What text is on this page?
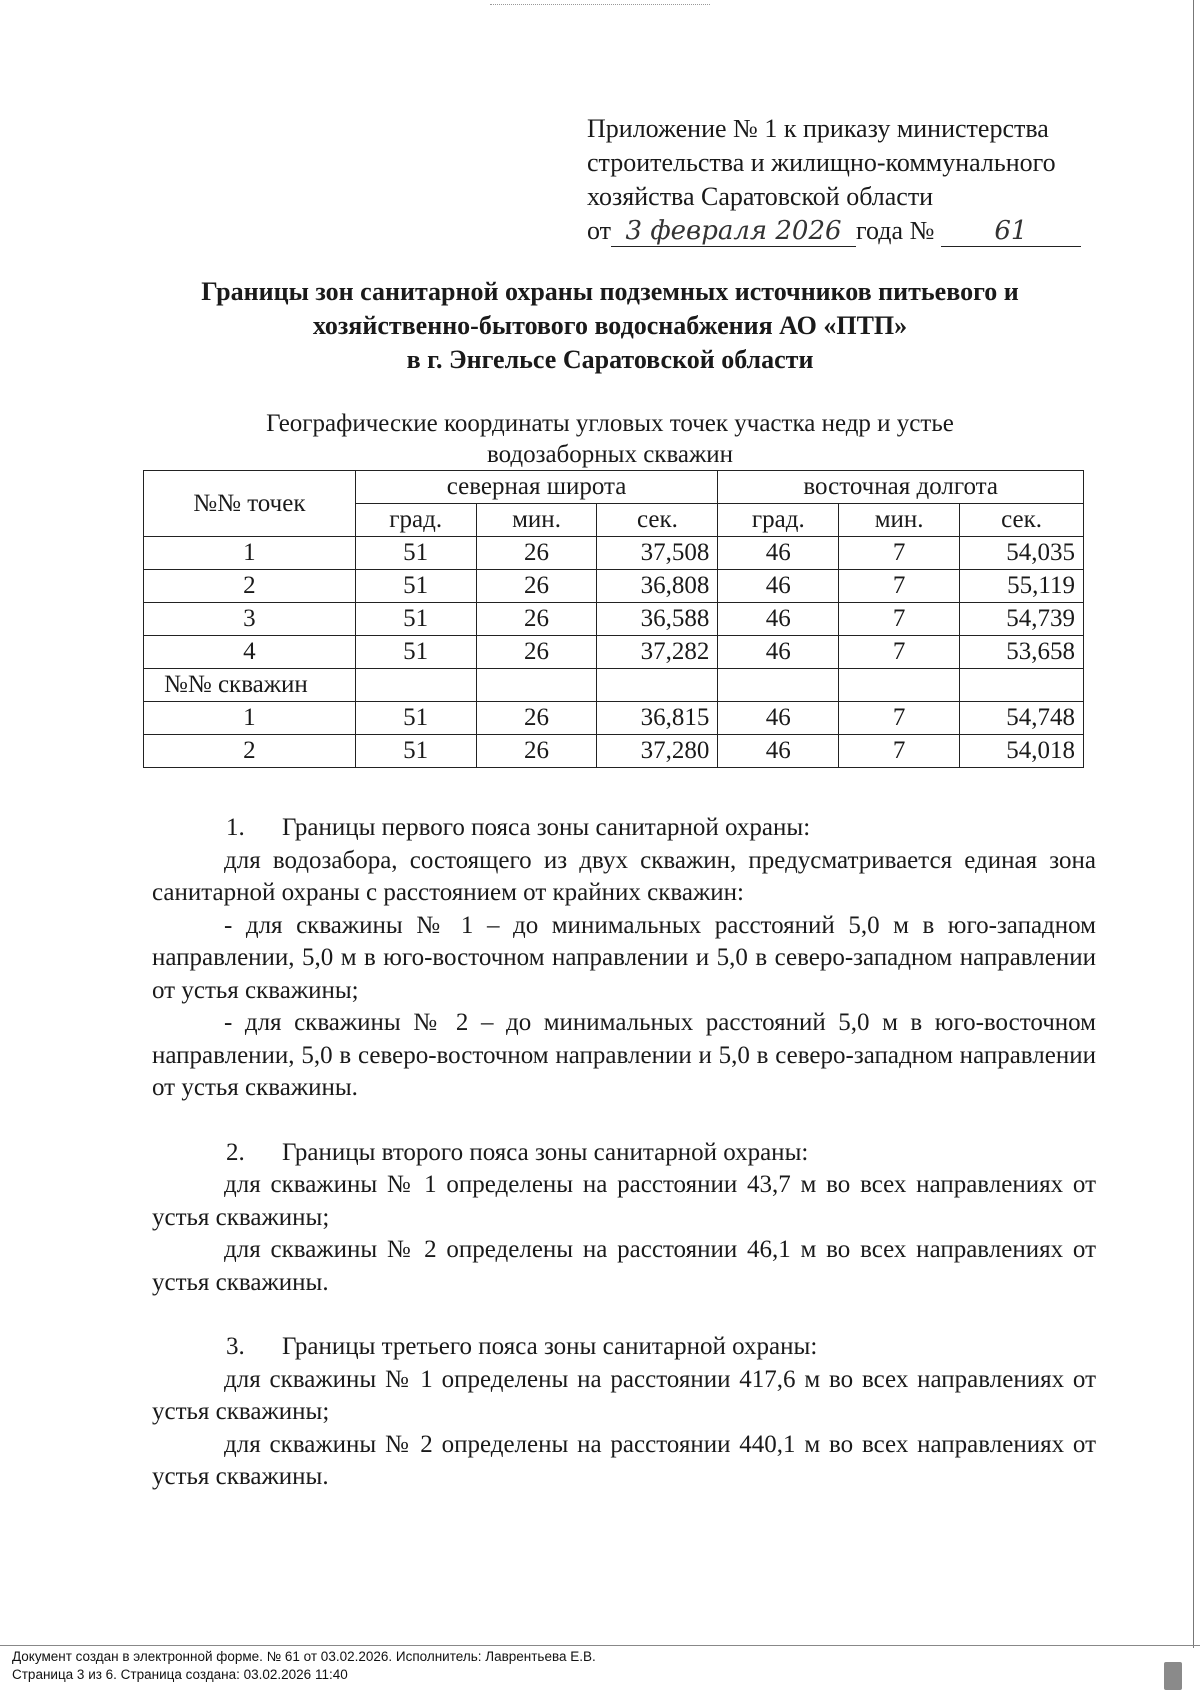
Приложение № 1 к приказу министерства
строительства и жилищно-коммунального
хозяйства Саратовской области
от 3 февраля 2026 года № 61
Границы зон санитарной охраны подземных источников питьевого и
хозяйственно-бытового водоснабжения АО «ПТП»
в г. Энгельсе Саратовской области
Географические координаты угловых точек участка недр и устье водозаборных скважин
№№ точек	северная широта			восточная долгота		
	град.	мин.	сек.	град.	мин.	сек.
1	51	26	37,508	46	7	54,035
2	51	26	36,808	46	7	55,119
3	51	26	36,588	46	7	54,739
4	51	26	37,282	46	7	53,658
№№ скважин						
1	51	26	36,815	46	7	54,748
2	51	26	37,280	46	7	54,018

1. Границы первого пояса зоны санитарной охраны:

для водозабора, состоящего из двух скважин, предусматривается единая зона санитарной охраны с расстоянием от крайних скважин:

- для скважины № 1 – до минимальных расстояний 5,0 м в юго-западном направлении, 5,0 м в юго-восточном направлении и 5,0 в северо-западном направлении от устья скважины;

- для скважины № 2 – до минимальных расстояний 5,0 м в юго-восточном направлении, 5,0 в северо-восточном направлении и 5,0 в северо-западном направлении от устья скважины.

2. Границы второго пояса зоны санитарной охраны:

для скважины № 1 определены на расстоянии 43,7 м во всех направлениях от устья скважины;

для скважины № 2 определены на расстоянии 46,1 м во всех направлениях от устья скважины.

3. Границы третьего пояса зоны санитарной охраны:

для скважины № 1 определены на расстоянии 417,6 м во всех направлениях от устья скважины;

для скважины № 2 определены на расстоянии 440,1 м во всех направлениях от устья скважины.

Документ создан в электронной форме. № 61 от 03.02.2026. Исполнитель: Лаврентьева Е.В.
Страница 3 из 6. Страница создана: 03.02.2026 11:40
